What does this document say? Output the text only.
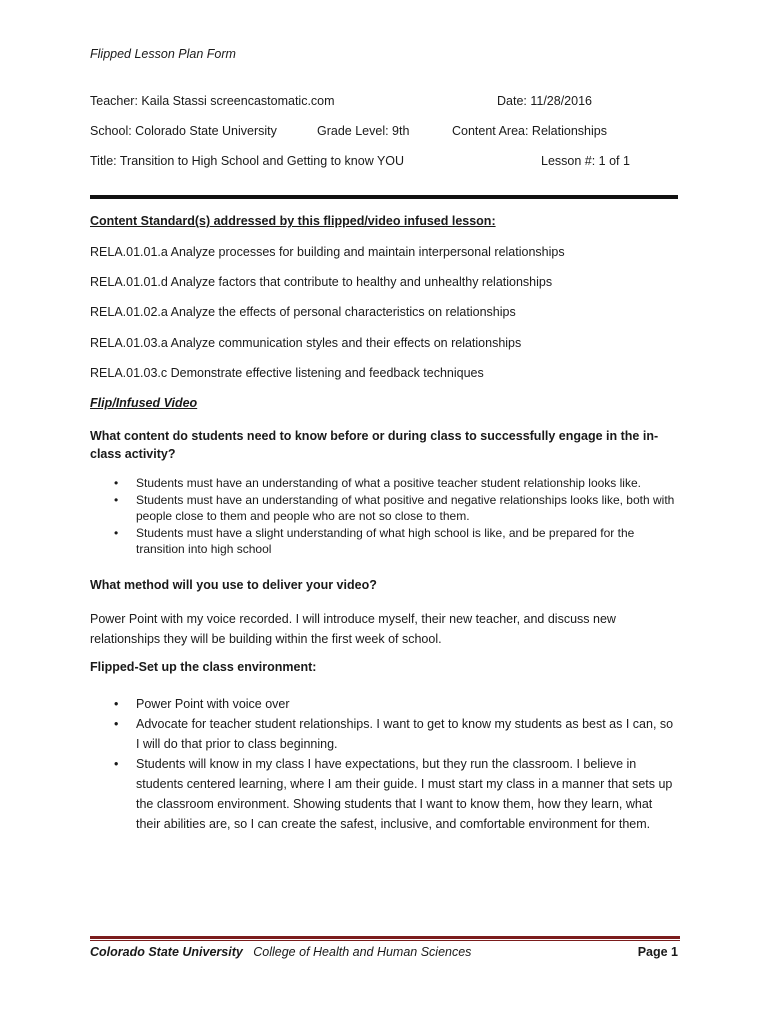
Flipped Lesson Plan Form
Teacher: Kaila Stassi screencastomatic.com	Date: 11/28/2016
School: Colorado State University	Grade Level: 9th	Content Area: Relationships
Title: Transition to High School and Getting to know YOU	Lesson #: 1 of 1
Content Standard(s) addressed by this flipped/video infused lesson:
RELA.01.01.a Analyze processes for building and maintain interpersonal relationships
RELA.01.01.d Analyze factors that contribute to healthy and unhealthy relationships
RELA.01.02.a Analyze the effects of personal characteristics on relationships
RELA.01.03.a Analyze communication styles and their effects on relationships
RELA.01.03.c Demonstrate effective listening and feedback techniques
Flip/Infused Video
What content do students need to know before or during class to successfully engage in the in-class activity?
• Students must have an understanding of what a positive teacher student relationship looks like.
• Students must have an understanding of what positive and negative relationships looks like, both with people close to them and people who are not so close to them.
• Students must have a slight understanding of what high school is like, and be prepared for the transition into high school
What method will you use to deliver your video?
Power Point with my voice recorded. I will introduce myself, their new teacher, and discuss new relationships they will be building within the first week of school.
Flipped-Set up the class environment:
• Power Point with voice over
• Advocate for teacher student relationships. I want to get to know my students as best as I can, so I will do that prior to class beginning.
• Students will know in my class I have expectations, but they run the classroom. I believe in students centered learning, where I am their guide. I must start my class in a manner that sets up the classroom environment. Showing students that I want to know them, how they learn, what their abilities are, so I can create the safest, inclusive, and comfortable environment for them.
Colorado State University College of Health and Human Sciences	Page 1
